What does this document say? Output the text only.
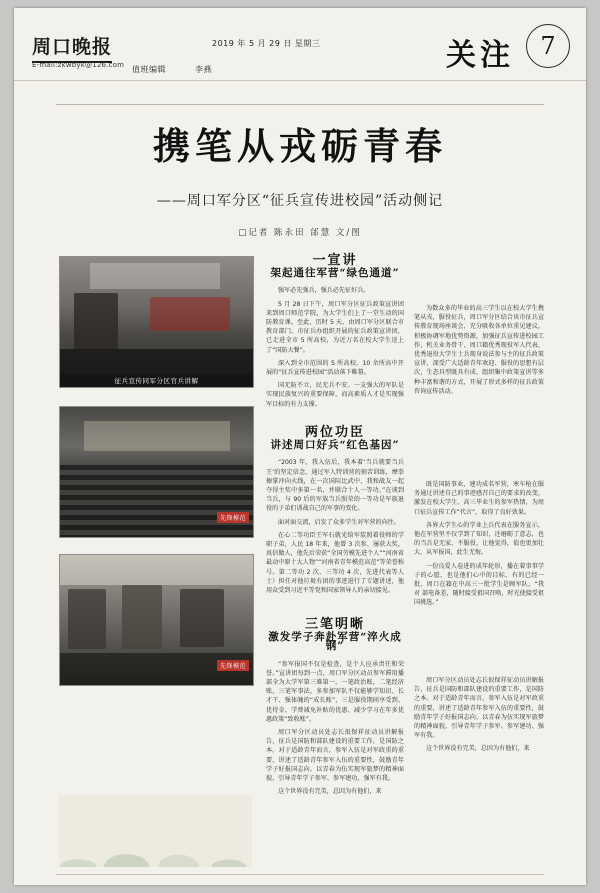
周口晚报
E-mail:zkwbyk@126.com
2019 年 5 月 29 日 星期三
值班编辑	李燕	关注	7
携笔从戎砺青春
——周口军分区“征兵宣传进校园”活动侧记
□记者 陈永田 邰慧 文/图
征兵宣传同军分区官兵讲解
先锋模范
先锋模范
一宣讲
架起通往军营“绿色通道”

强军必先强兵，强兵必先征好兵。

5 月 28 日下午，周口军分区征兵政策宣讲团来到周口师范学院，为大学生们上了一堂生动的国防教育课。至此，历时 5 天，由周口军分区联合市教育部门、市征兵办组织开展的征兵政策宣讲团，已走进全市 5 所高校，为近万名在校大学生送上了“国防大餐”。

深入到全市范围的 5 所高校、10 余所高中开展的“征兵宣传进校园”活动落下帷幕。

国无防不立，民无兵不安。一支强大的军队是实现民族复兴的重要保障，而高素质人才是实现强军目标的有力支撑。

两位功臣
讲述周口好兵“红色基因”

“2003 年，我入伍后，我本着‘当兵就要当兵王’的坚定信念，通过军人特训营的刻苦训练，摩拳擦掌冲向火线，在一次国际比武中，我和战友一起夺得主奖中多第一名，并联合十人一等功。”在谈到当兵，与 90 后的军族当兵照荣的一等功是军族退役的子弟们训战自己的军事的变化。

面对面交流，启发了众多学生对军营的向往。

在心二等功臣王军石就光给军装照着役师的学职子弟，人民 18 年来，他曾 3 次参、屡获大奖，真信做人，他先后荣获“全国劳模先进个人”“河南省最动中原十大人物”“河南省青年模范高范”等荣誉称号。第二等功 2 次、三等功 4 次，先进代表等人士）担任对他垃圾有团的事迹进行了专题讲述，他用众受到习近平等党和国家领导人的亲切接见。

三笔明晰
激发学子奔赴军营“淬火成钢”

“参军报国不仅是检查，是个人应承责任和荣誉。”宣讲团每到一点，周口军分区动员参军滞用播部全为大学军第三难第一，一笔政治账，二笔经济账，三笔军事法，多参加军队不仅能够学知识、长才干、强体魄的“成长账”，三是服役期间享受到、优待金、学费减免补贴的优惠、减少学习在年多优惠政策“致收账”。

周口军分区动员处志长很保祥征动员讲解报告，征兵是国防和部队建设的重要工作，是国防之本。对于适龄青年而言，参军入伍是对军政重的重要，讲述了适龄青年参军入伍的重要性，鼓励青年学子好报国志向、以青春为伍实现军旅梦的精神面貌，引导青年学子参军、参军建功、强军有我。

这个世界没有完美，总因为有他们，来

为数众多的毕业的高三学生以在校大学生携笔从戎，服役征兵，周口军分区结合该市征兵宣传教育现场座谈会，充分吸收各单位重见建议，积极协调军地优势资源，加强征兵宣传进校园工作，机关业务骨干、周口籍优秀现役军人代表、优秀退役大学生士兵现身说法参与主的征兵政策宣讲，深受广大适龄青年欢迎、服役的思想有层次，生态具型既具有成、组织集中政策宣讲等多种丰富和谐的方式，开展了形式多样的征兵政策咨询宣传活动。

既是国防事业，建功成名军营，寒车枪在服务通过讲述自己的事迹感召自己的要求的改变，激发在校大学生、高三毕业生的参军热情，为周口征兵宣传工作“代言”，取得了良好效果。

各界大学生心的学业上兵代表在服务宣示，他在军营里不仅学到了知识，还磨砺了意志，也的当兵是无家，不服役，让他觉得，值也更加壮大，从军报国，此生无悔。

一份良爱人卷进的成年轮形，播在着事事学子的心愿，也是他们心中的目标，有的已经一批，周口在籍在中高三一批学生是顾军队，“我对 部电备差，随时接受祖国召唤，时光使接受祖国挑选。”

周口军分区动员处志长很保祥征动员讲解报告，征兵是国防和部队建设的重要工作，是国防之本。对于适龄青年而言，参军入伍是对军政重的重要，讲述了适龄青年参军入伍的重要性，鼓励青年学子好报国志向、以青春为伍实现军旅梦的精神面貌，引导青年学子参军、参军建功、强军有我。

这个世界没有完美，总因为有他们，来
